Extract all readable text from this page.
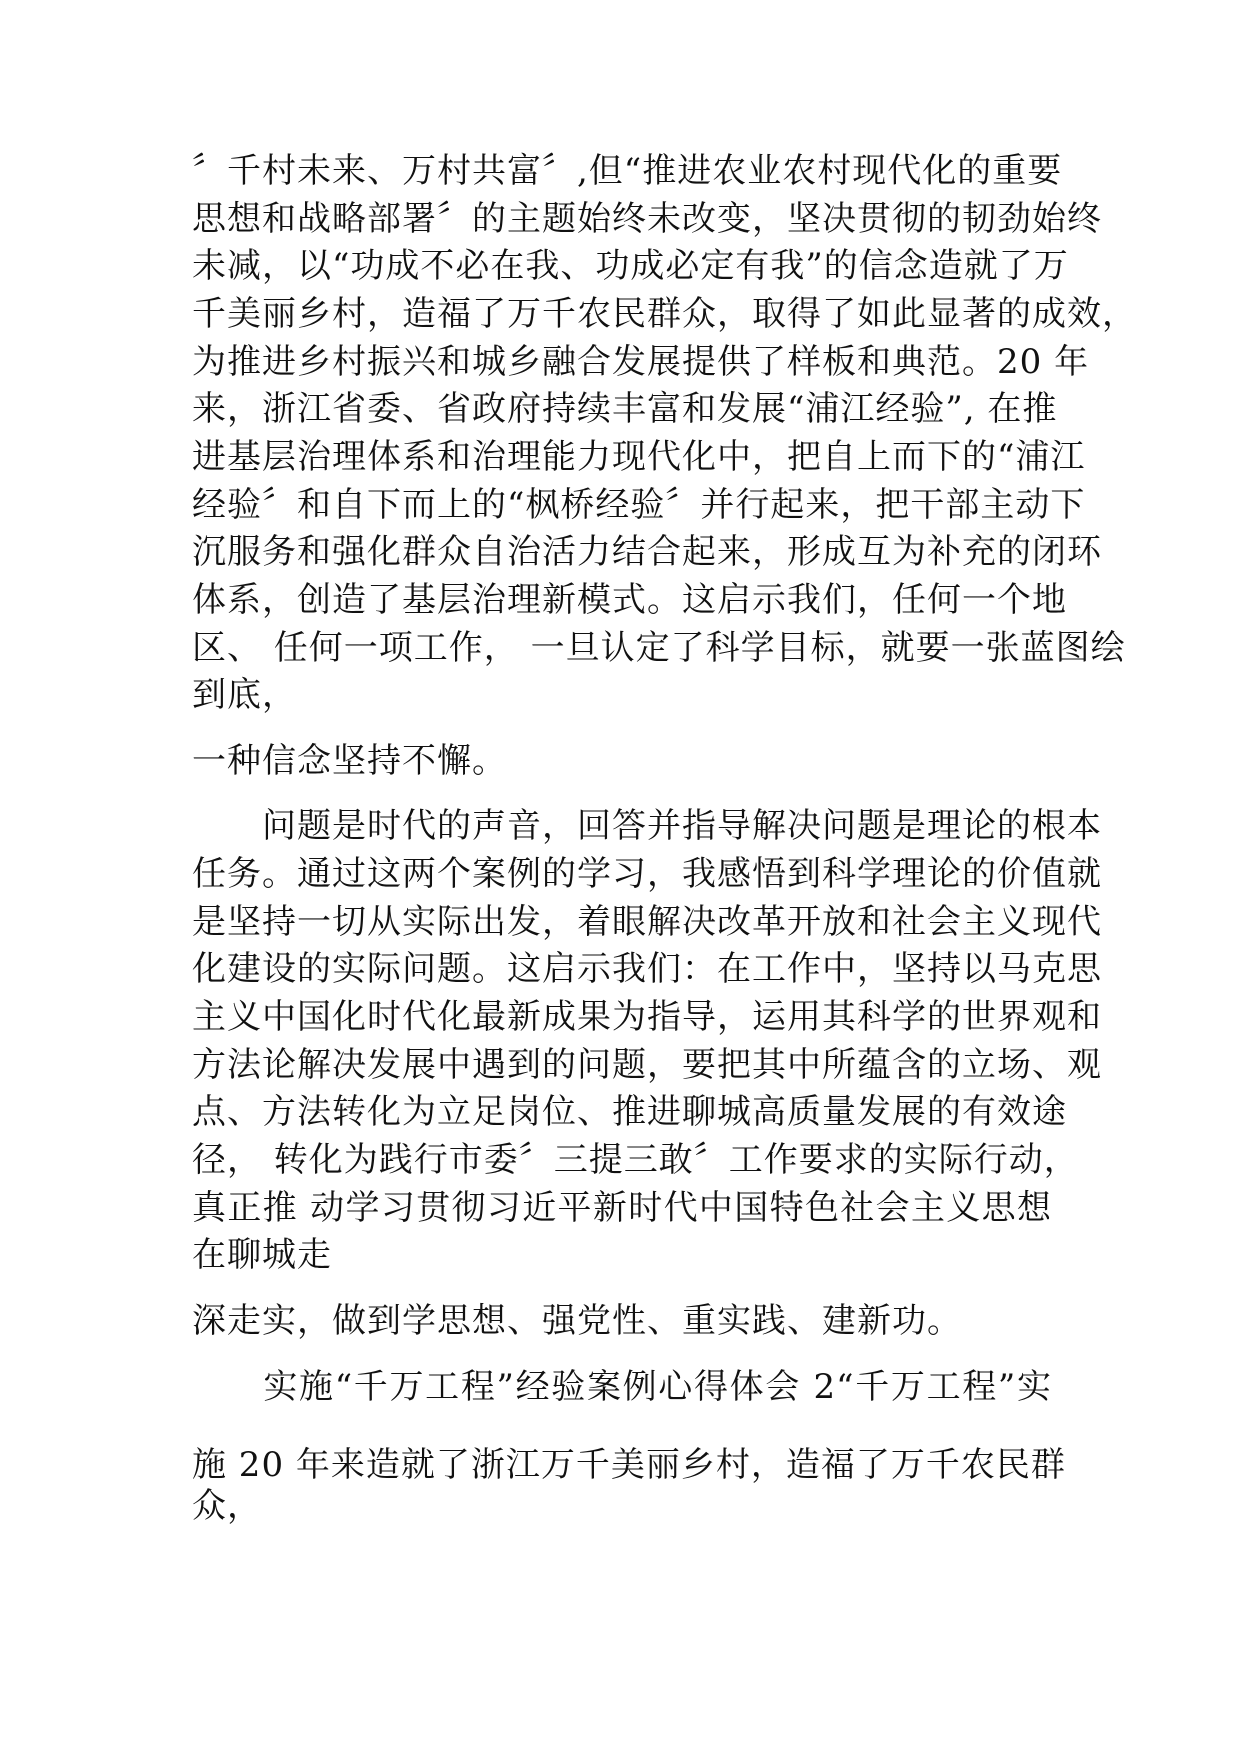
〞千村未来、万村共富〞,但“推进农业农村现代化的重要
思想和战略部署〞的主题始终未改变，坚决贯彻的韧劲始终
未减，以“功成不必在我、功成必定有我”的信念造就了万
千美丽乡村，造福了万千农民群众，取得了如此显著的成效，
为推进乡村振兴和城乡融合发展提供了样板和典范。20 年
来，浙江省委、省政府持续丰富和发展“浦江经验”, 在推
进基层治理体系和治理能力现代化中，把自上而下的“浦江
经验〞和自下而上的“枫桥经验〞并行起来，把干部主动下
沉服务和强化群众自治活力结合起来，形成互为补充的闭环
体系，创造了基层治理新模式。这启示我们，任何一个地
区、 任何一项工作， 一旦认定了科学目标，就要一张蓝图绘
到底，
一种信念坚持不懈。
　　问题是时代的声音，回答并指导解决问题是理论的根本
任务。通过这两个案例的学习，我感悟到科学理论的价值就
是坚持一切从实际出发，着眼解决改革开放和社会主义现代
化建设的实际问题。这启示我们：在工作中，坚持以马克思
主义中国化时代化最新成果为指导，运用其科学的世界观和
方法论解决发展中遇到的问题，要把其中所蕴含的立场、观
点、方法转化为立足岗位、推进聊城高质量发展的有效途
径， 转化为践行市委〞三提三敢〞工作要求的实际行动，
真正推 动学习贯彻习近平新时代中国特色社会主义思想
在聊城走
深走实，做到学思想、强党性、重实践、建新功。
　　实施“千万工程”经验案例心得体会 2“千万工程”实
施 20 年来造就了浙江万千美丽乡村，造福了万千农民群
众，
